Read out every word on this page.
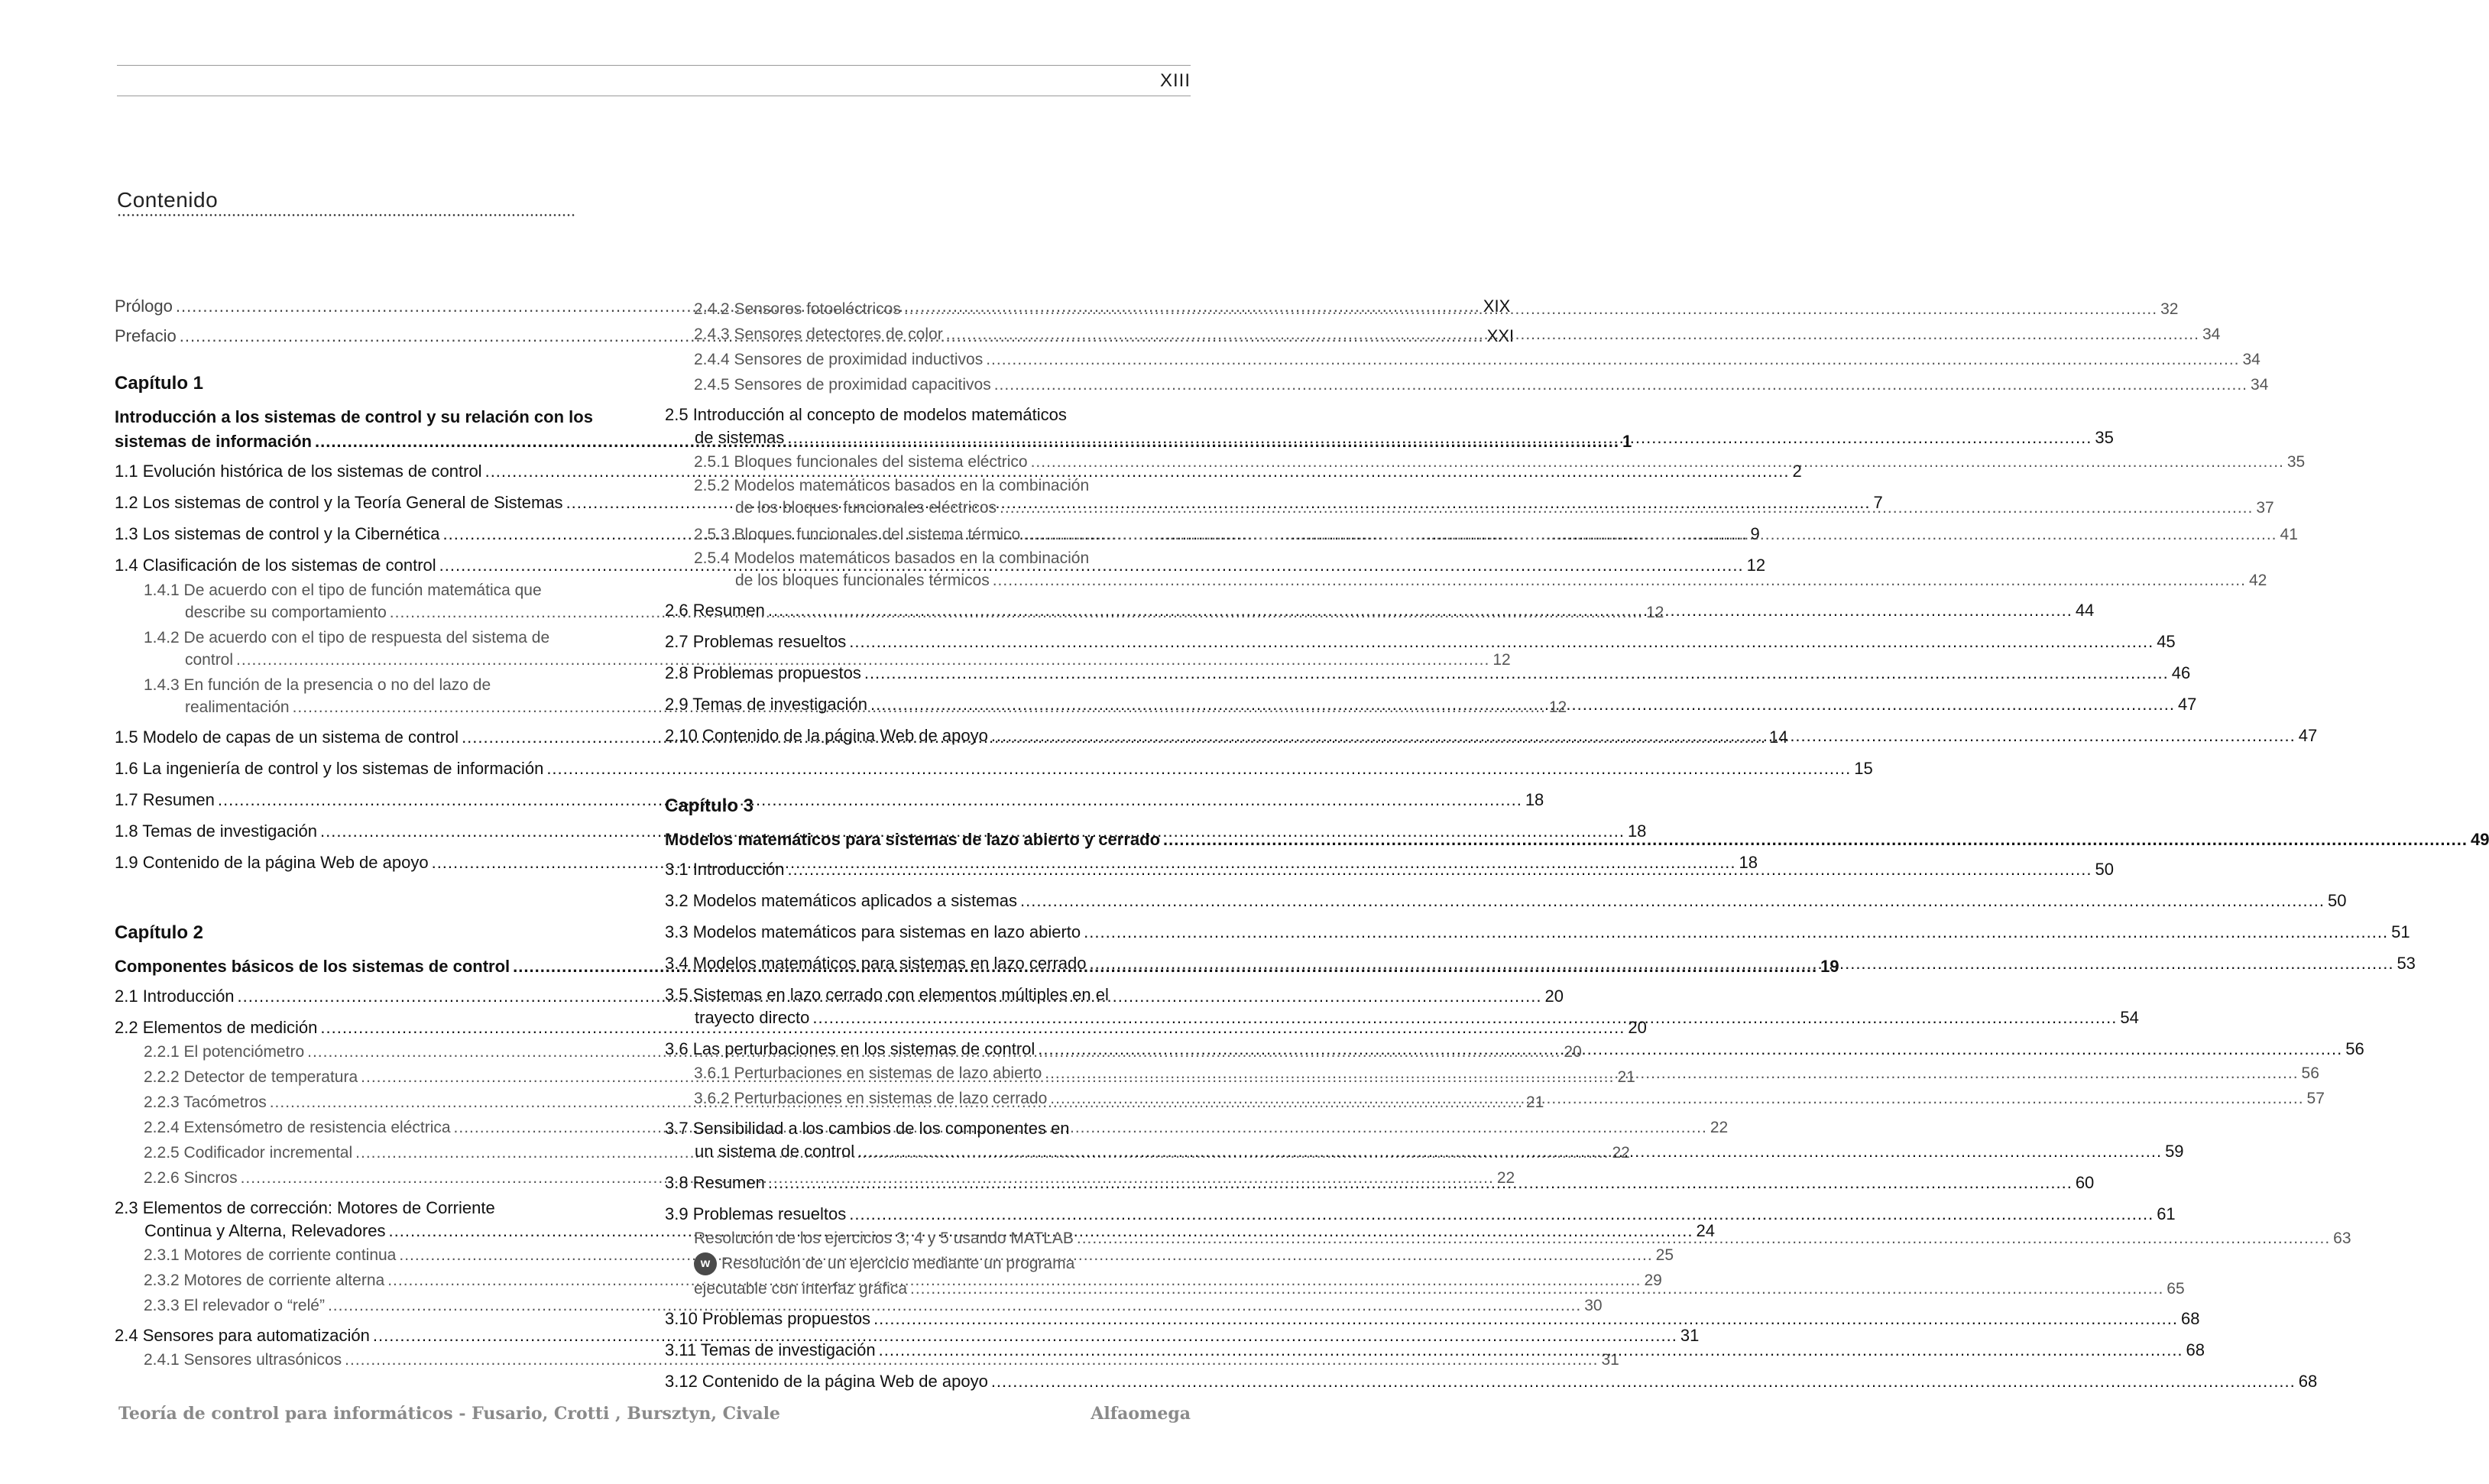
XIII
Contenido
Prólogo .....	XIX
Prefacio .....	XXI
Capítulo 1
Introducción a los sistemas de control y su relación con los
sistemas de información .....	1
1.1 Evolución histórica de los sistemas de control .....	2
1.2 Los sistemas de control y la Teoría General de Sistemas .....	7
1.3 Los sistemas de control y la Cibernética .....	9
1.4 Clasificación de los sistemas de control .....	12
1.4.1 De acuerdo con el tipo de función matemática que
describe su comportamiento .....	12
1.4.2 De acuerdo con el tipo de respuesta del sistema de
control .....	12
1.4.3 En función de la presencia o no del lazo de
realimentación .....	12
1.5 Modelo de capas de un sistema de control .....	14
1.6 La ingeniería de control y los sistemas de información .....	15
1.7 Resumen .....	18
1.8 Temas de investigación .....	18
1.9 Contenido de la página Web de apoyo .....	18
Capítulo 2
Componentes básicos de los sistemas de control .....	19
2.1 Introducción .....	20
2.2 Elementos de medición .....	20
2.2.1 El potenciómetro .....	20
2.2.2 Detector de temperatura .....	21
2.2.3 Tacómetros .....	21
2.2.4 Extensómetro de resistencia eléctrica .....	22
2.2.5 Codificador incremental .....	22
2.2.6 Sincros .....	22
2.3 Elementos de corrección: Motores de Corriente
Continua y Alterna, Relevadores .....	24
2.3.1 Motores de corriente continua .....	25
2.3.2 Motores de corriente alterna .....	29
2.3.3 El relevador o “relé” .....	30
2.4 Sensores para automatización .....	31
2.4.1 Sensores ultrasónicos .....	31
2.4.2 Sensores fotoeléctricos .....	32
2.4.3 Sensores detectores de color .....	34
2.4.4 Sensores de proximidad inductivos .....	34
2.4.5 Sensores de proximidad capacitivos .....	34
2.5 Introducción al concepto de modelos matemáticos
de sistemas .....	35
2.5.1 Bloques funcionales del sistema eléctrico .....	35
2.5.2 Modelos matemáticos basados en la combinación
de los bloques funcionales eléctricos .....	37
2.5.3 Bloques funcionales del sistema térmico .....	41
2.5.4 Modelos matemáticos basados en la combinación
de los bloques funcionales térmicos .....	42
2.6 Resumen .....	44
2.7 Problemas resueltos .....	45
2.8 Problemas propuestos .....	46
2.9 Temas de investigación .....	47
2.10 Contenido de la página Web de apoyo .....	47
Capítulo 3
Modelos matemáticos para sistemas de lazo abierto y cerrado .....	49
3.1 Introducción .....	50
3.2 Modelos matemáticos aplicados a sistemas .....	50
3.3 Modelos matemáticos para sistemas en lazo abierto .....	51
3.4 Modelos matemáticos para sistemas en lazo cerrado .....	53
3.5 Sistemas en lazo cerrado con elementos múltiples en el
trayecto directo .....	54
3.6 Las perturbaciones en los sistemas de control .....	56
3.6.1 Perturbaciones en sistemas de lazo abierto .....	56
3.6.2 Perturbaciones en sistemas de lazo cerrado .....	57
3.7 Sensibilidad a los cambios de los componentes en
un sistema de control .....	59
3.8 Resumen .....	60
3.9 Problemas resueltos .....	61
Resolución de los ejercicios 3, 4 y 5 usando MATLAB .....	63
w Resolución de un ejercicio mediante un programa
ejecutable con interfaz gráfica .....	65
3.10 Problemas propuestos .....	68
3.11 Temas de investigación .....	68
3.12 Contenido de la página Web de apoyo .....	68
Teoría de control para informáticos - Fusario, Crotti , Bursztyn, Civale	Alfaomega
